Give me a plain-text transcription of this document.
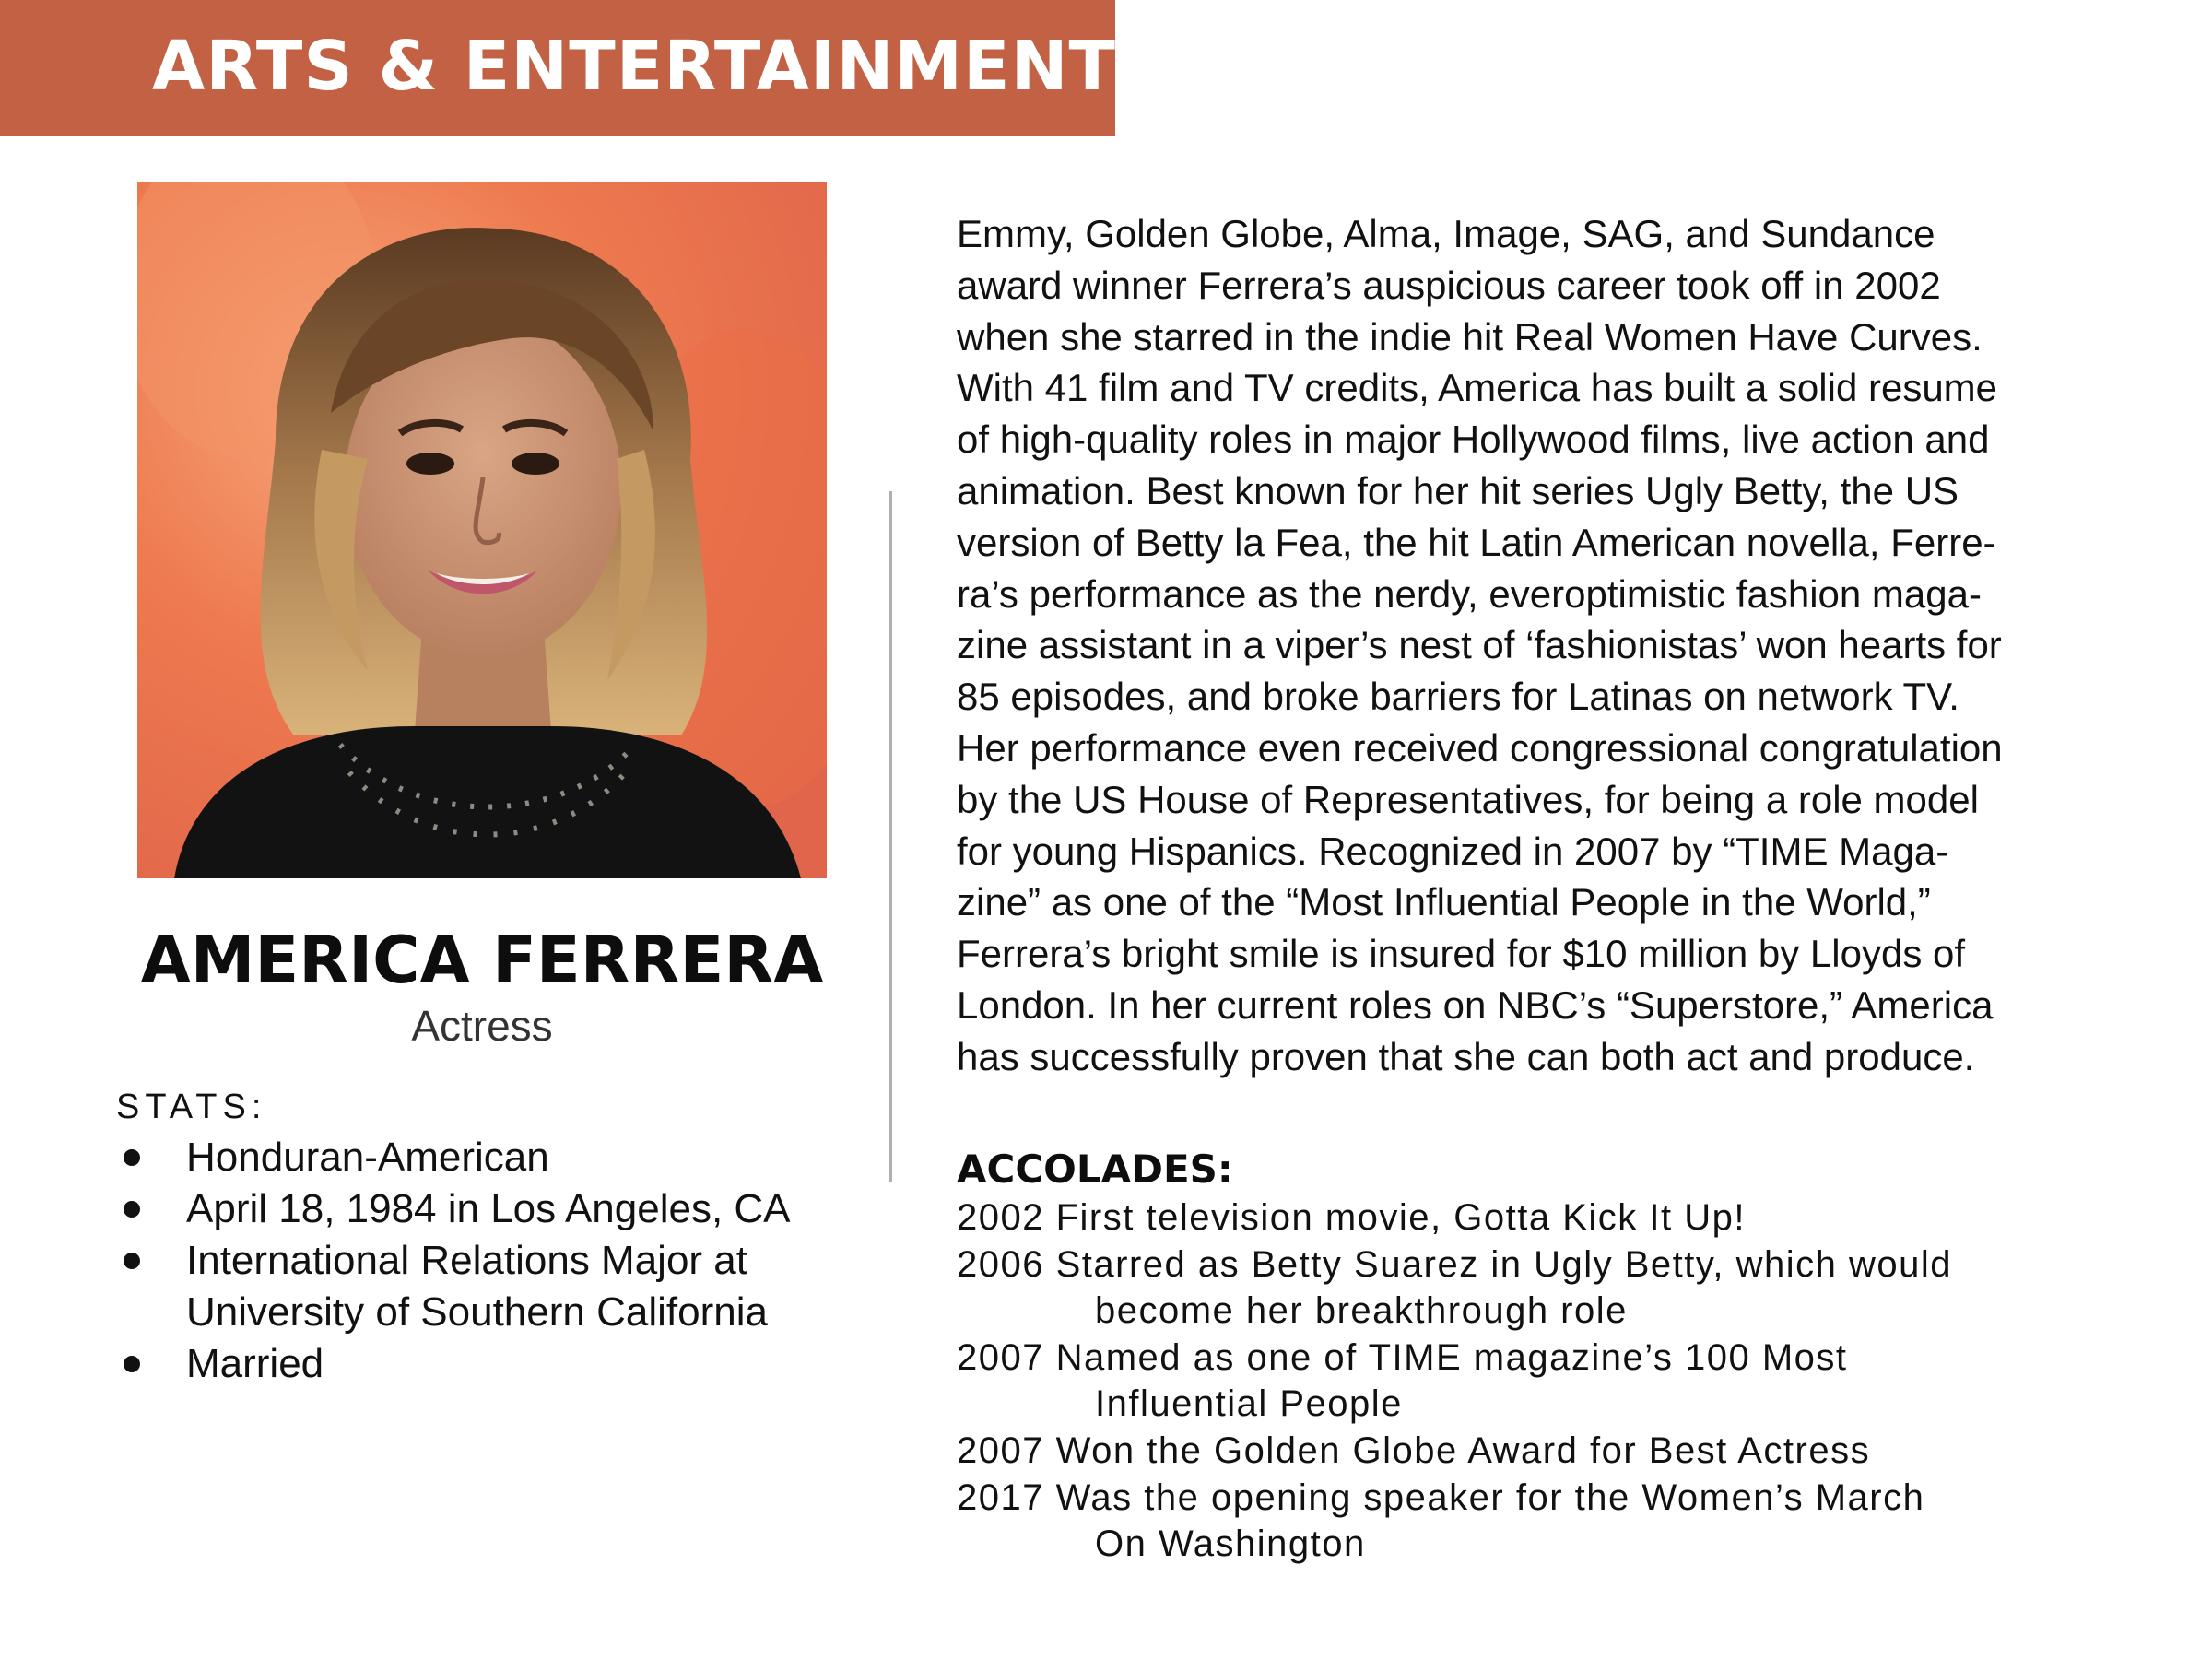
ARTS & ENTERTAINMENT
AMERICA FERRERA
Actress
STATS:
Honduran-American
April 18, 1984 in Los Angeles, CA
International Relations Major at University of Southern California
Married
Emmy, Golden Globe, Alma, Image, SAG, and Sundance
award winner Ferrera’s auspicious career took off in 2002
when she starred in the indie hit Real Women Have Curves.
With 41 film and TV credits, America has built a solid resume
of high-quality roles in major Hollywood films, live action and
animation. Best known for her hit series Ugly Betty, the US
version of Betty la Fea, the hit Latin American novella, Ferre-
ra’s performance as the nerdy, everoptimistic fashion maga-
zine assistant in a viper’s nest of ‘fashionistas’ won hearts for
85 episodes, and broke barriers for Latinas on network TV.
Her performance even received congressional congratulation
by the US House of Representatives, for being a role model
for young Hispanics. Recognized in 2007 by “TIME Maga-
zine” as one of the “Most Influential People in the World,”
Ferrera’s bright smile is insured for $10 million by Lloyds of
London. In her current roles on NBC’s “Superstore,” America
has successfully proven that she can both act and produce.
ACCOLADES:
2002 First television movie, Gotta Kick It Up!
2006 Starred as Betty Suarez in Ugly Betty, which would
become her breakthrough role
2007 Named as one of TIME magazine’s 100 Most
Influential People
2007 Won the Golden Globe Award for Best Actress
2017 Was the opening speaker for the Women’s March
On Washington
